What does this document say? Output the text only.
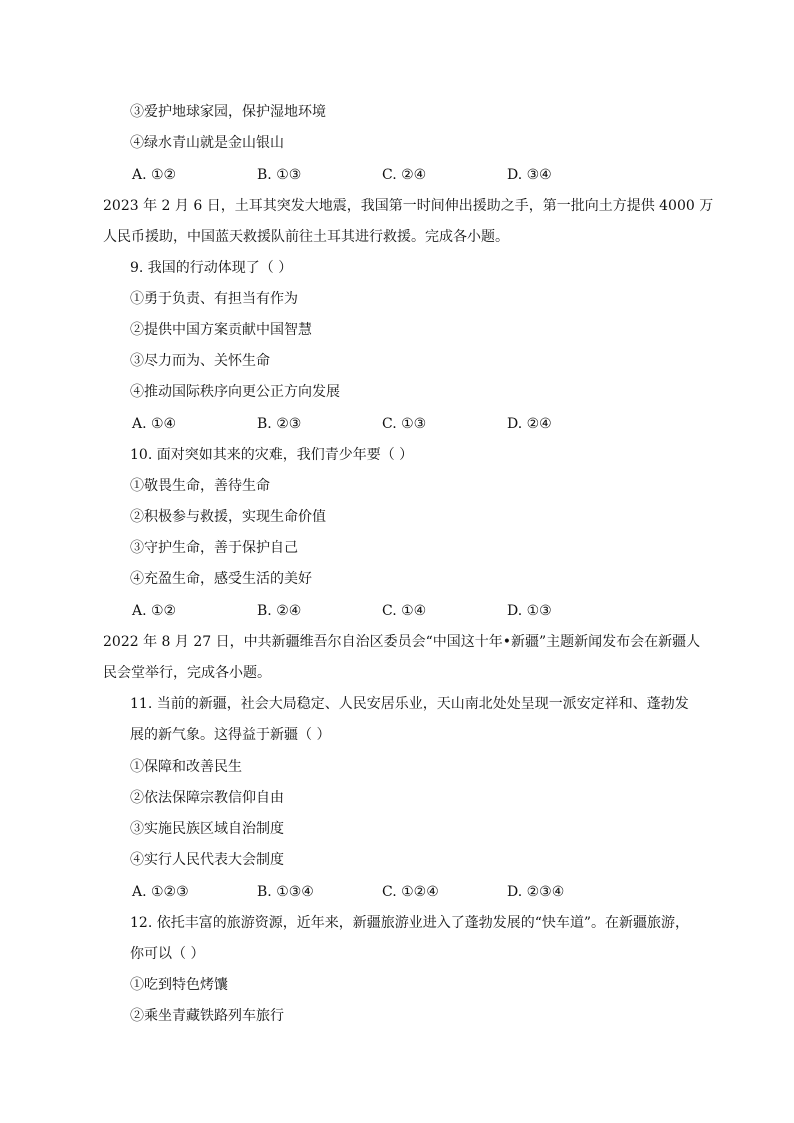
③爱护地球家园，保护湿地环境
④绿水青山就是金山银山
A. ①②	B. ①③	C. ②④	D. ③④
2023 年 2 月 6 日，土耳其突发大地震，我国第一时间伸出援助之手，第一批向土方提供 4000 万
人民币援助，中国蓝天救援队前往土耳其进行救援。完成各小题。
9. 我国的行动体现了（ ）
①勇于负责、有担当有作为
②提供中国方案贡献中国智慧
③尽力而为、关怀生命
④推动国际秩序向更公正方向发展
A. ①④	B. ②③	C. ①③	D. ②④
10. 面对突如其来的灾难，我们青少年要（ ）
①敬畏生命，善待生命
②积极参与救援，实现生命价值
③守护生命，善于保护自己
④充盈生命，感受生活的美好
A. ①②	B. ②④	C. ①④	D. ①③
2022 年 8 月 27 日，中共新疆维吾尔自治区委员会“中国这十年•新疆”主题新闻发布会在新疆人
民会堂举行，完成各小题。
11. 当前的新疆，社会大局稳定、人民安居乐业，天山南北处处呈现一派安定祥和、蓬勃发
展的新气象。这得益于新疆（ ）
①保障和改善民生
②依法保障宗教信仰自由
③实施民族区域自治制度
④实行人民代表大会制度
A. ①②③	B. ①③④	C. ①②④	D. ②③④
12. 依托丰富的旅游资源，近年来，新疆旅游业进入了蓬勃发展的“快车道”。在新疆旅游，
你可以（ ）
①吃到特色烤馕
②乘坐青藏铁路列车旅行
